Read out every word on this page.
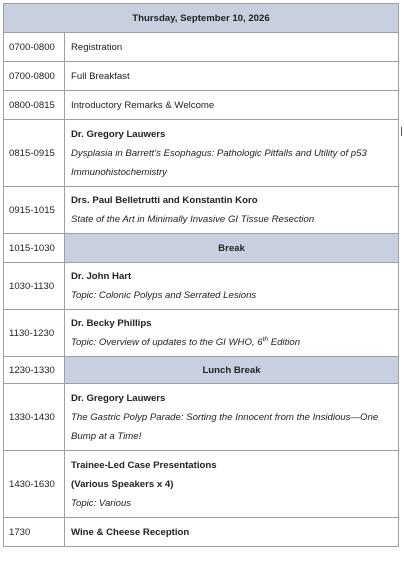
Thursday, September 10, 2026	
0700-0800	Registration
0700-0800	Full Breakfast
0800-0815	Introductory Remarks & Welcome
0815-0915	Dr. Gregory Lauwers
Dysplasia in Barrett’s Esophagus: Pathologic Pitfalls and Utility of p53
Immunohistochemistry

0915-1015	Drs. Paul Belletrutti and Konstantin Koro
State of the Art in Minimally Invasive GI Tissue Resection

1015-1030	Break
1030-1130	Dr. John Hart
Topic: Colonic Polyps and Serrated Lesions

1130-1230	Dr. Becky Phillips
Topic: Overview of updates to the GI WHO, 6th Edition

1230-1330	Lunch Break
1330-1430	Dr. Gregory Lauwers
The Gastric Polyp Parade: Sorting the Innocent from the Insidious—One
Bump at a Time!

1430-1630	Trainee-Led Case Presentations
(Various Speakers x 4)
Topic: Various

1730	Wine & Cheese Reception
